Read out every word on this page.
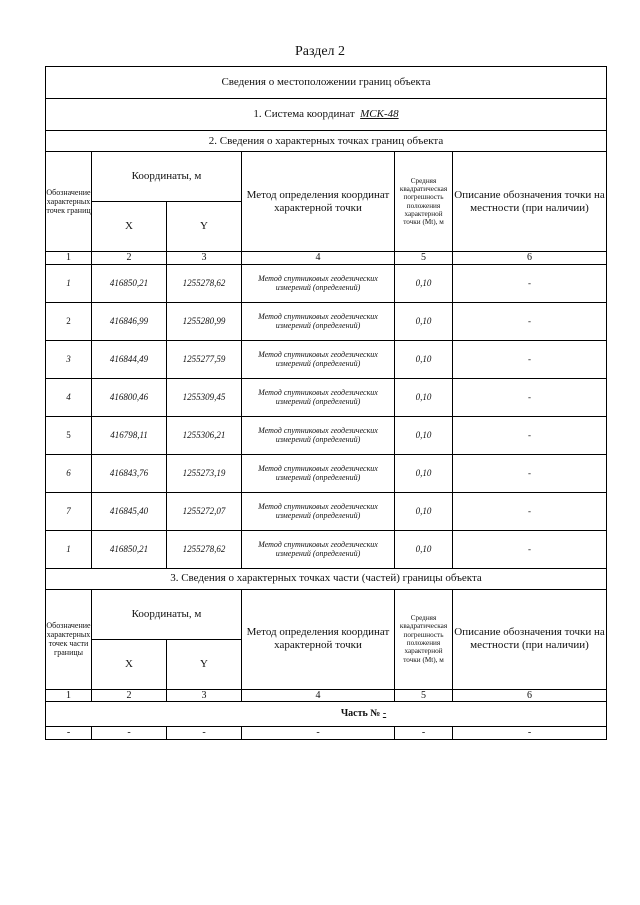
Раздел 2
Сведения о местоположении границ объекта					
1. Система координат МСК-48					
2. Сведения о характерных точках границ объекта					

Обозначение характерных точек границ	Координаты, м		Метод определения координат характерной точки	Средняя квадратическая погрешность положения характерной точки (Mt), м	Описание обозначения точки на местности (при наличии)
	X	Y			
1	2	3	4	5	6
1	416850,21	1255278,62	Метод спутниковых геодезических измерений (определений)	0,10	-
2	416846,99	1255280,99	Метод спутниковых геодезических измерений (определений)	0,10	-
3	416844,49	1255277,59	Метод спутниковых геодезических измерений (определений)	0,10	-
4	416800,46	1255309,45	Метод спутниковых геодезических измерений (определений)	0,10	-
5	416798,11	1255306,21	Метод спутниковых геодезических измерений (определений)	0,10	-
6	416843,76	1255273,19	Метод спутниковых геодезических измерений (определений)	0,10	-
7	416845,40	1255272,07	Метод спутниковых геодезических измерений (определений)	0,10	-
1	416850,21	1255278,62	Метод спутниковых геодезических измерений (определений)	0,10	-
3. Сведения о характерных точках части (частей) границы объекта					

Обозначение характерных точек части границы	Координаты, м		Метод определения координат характерной точки	Средняя квадратическая погрешность положения характерной точки (Mt), м	Описание обозначения точки на местности (при наличии)
	X	Y			
1	2	3	4	5	6
Часть № -					
-	-	-	-	-	-
